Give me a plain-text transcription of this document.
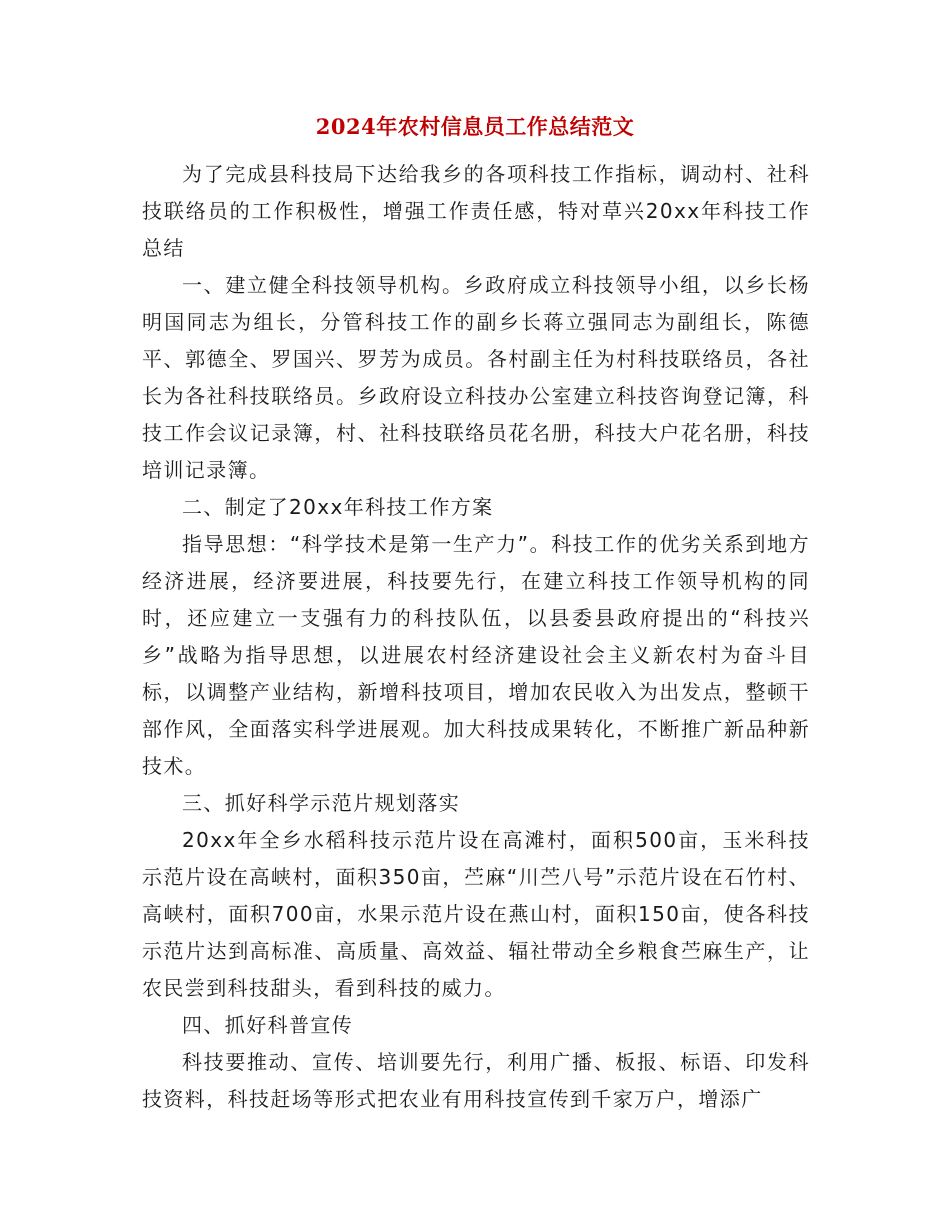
2024年农村信息员工作总结范文

为了完成县科技局下达给我乡的各项科技工作指标，调动村、社科技联络员的工作积极性，增强工作责任感，特对草兴20xx年科技工作总结

一、建立健全科技领导机构。乡政府成立科技领导小组，以乡长杨明国同志为组长，分管科技工作的副乡长蒋立强同志为副组长，陈德平、郭德全、罗国兴、罗芳为成员。各村副主任为村科技联络员，各社长为各社科技联络员。乡政府设立科技办公室建立科技咨询登记簿，科技工作会议记录簿，村、社科技联络员花名册，科技大户花名册，科技培训记录簿。

二、制定了20xx年科技工作方案

指导思想：“科学技术是第一生产力”。科技工作的优劣关系到地方经济进展，经济要进展，科技要先行，在建立科技工作领导机构的同时，还应建立一支强有力的科技队伍，以县委县政府提出的“科技兴乡”战略为指导思想，以进展农村经济建设社会主义新农村为奋斗目标，以调整产业结构，新增科技项目，增加农民收入为出发点，整顿干部作风，全面落实科学进展观。加大科技成果转化，不断推广新品种新技术。

三、抓好科学示范片规划落实

20xx年全乡水稻科技示范片设在高滩村，面积500亩，玉米科技示范片设在高峡村，面积350亩，苎麻“川苎八号”示范片设在石竹村、高峡村，面积700亩，水果示范片设在燕山村，面积150亩，使各科技示范片达到高标准、高质量、高效益、辐社带动全乡粮食苎麻生产，让农民尝到科技甜头，看到科技的威力。

四、抓好科普宣传

科技要推动、宣传、培训要先行，利用广播、板报、标语、印发科技资料，科技赶场等形式把农业有用科技宣传到千家万户，增添广
